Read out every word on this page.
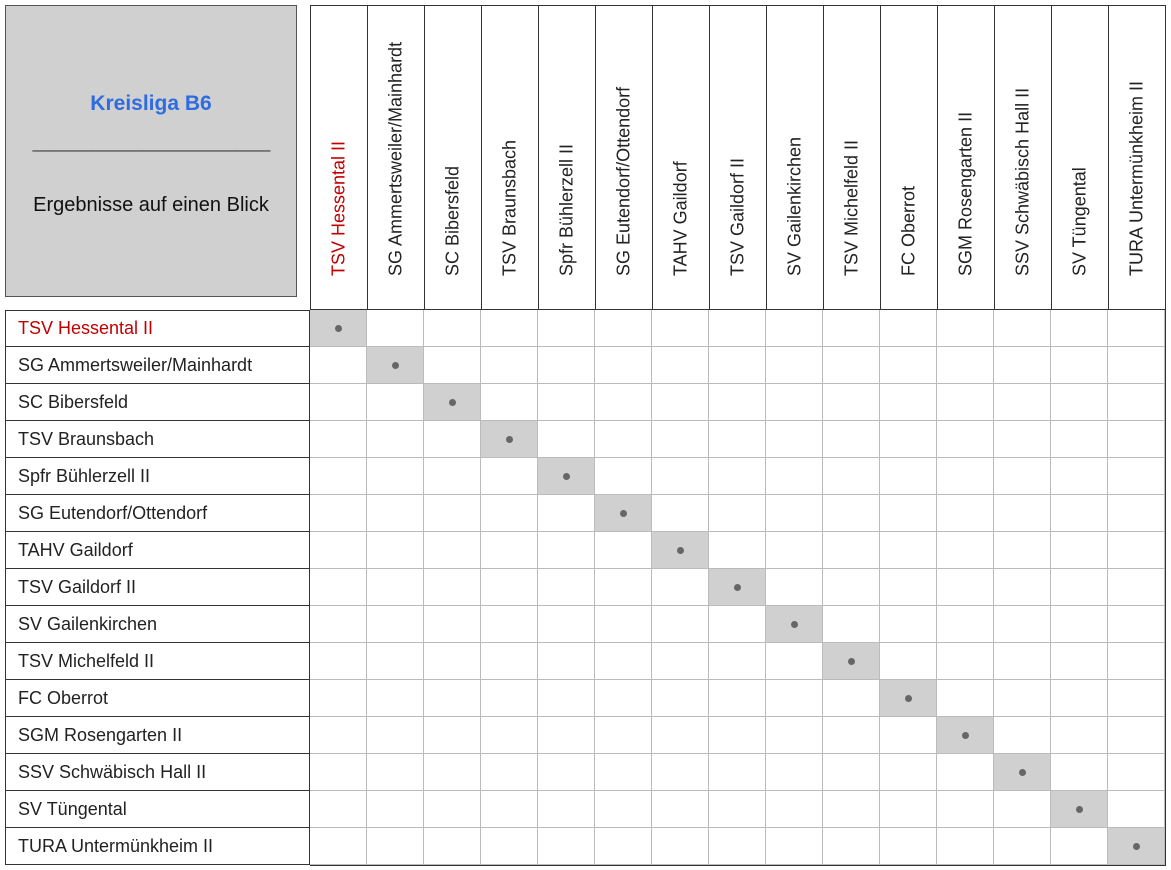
Kreisliga B6
____________________________
Ergebnisse auf einen Blick	TSV Hessental II SG Ammertsweiler/Mainhardt SC Bibersfeld TSV Braunsbach Spfr Bühlerzell II SG Eutendorf/Ottendorf TAHV Gaildorf TSV Gaildorf II SV Gailenkirchen TSV Michelfeld II FC Oberrot SGM Rosengarten II SSV Schwäbisch Hall II SV Tüngental TURA Untermünkheim II
TSV Hessental II
SG Ammertsweiler/Mainhardt
SC Bibersfeld
TSV Braunsbach
Spfr Bühlerzell II
SG Eutendorf/Ottendorf
TAHV Gaildorf
TSV Gaildorf II
SV Gailenkirchen
TSV Michelfeld II
FC Oberrot
SGM Rosengarten II
SSV Schwäbisch Hall II
SV Tüngental
TURA Untermünkheim II
